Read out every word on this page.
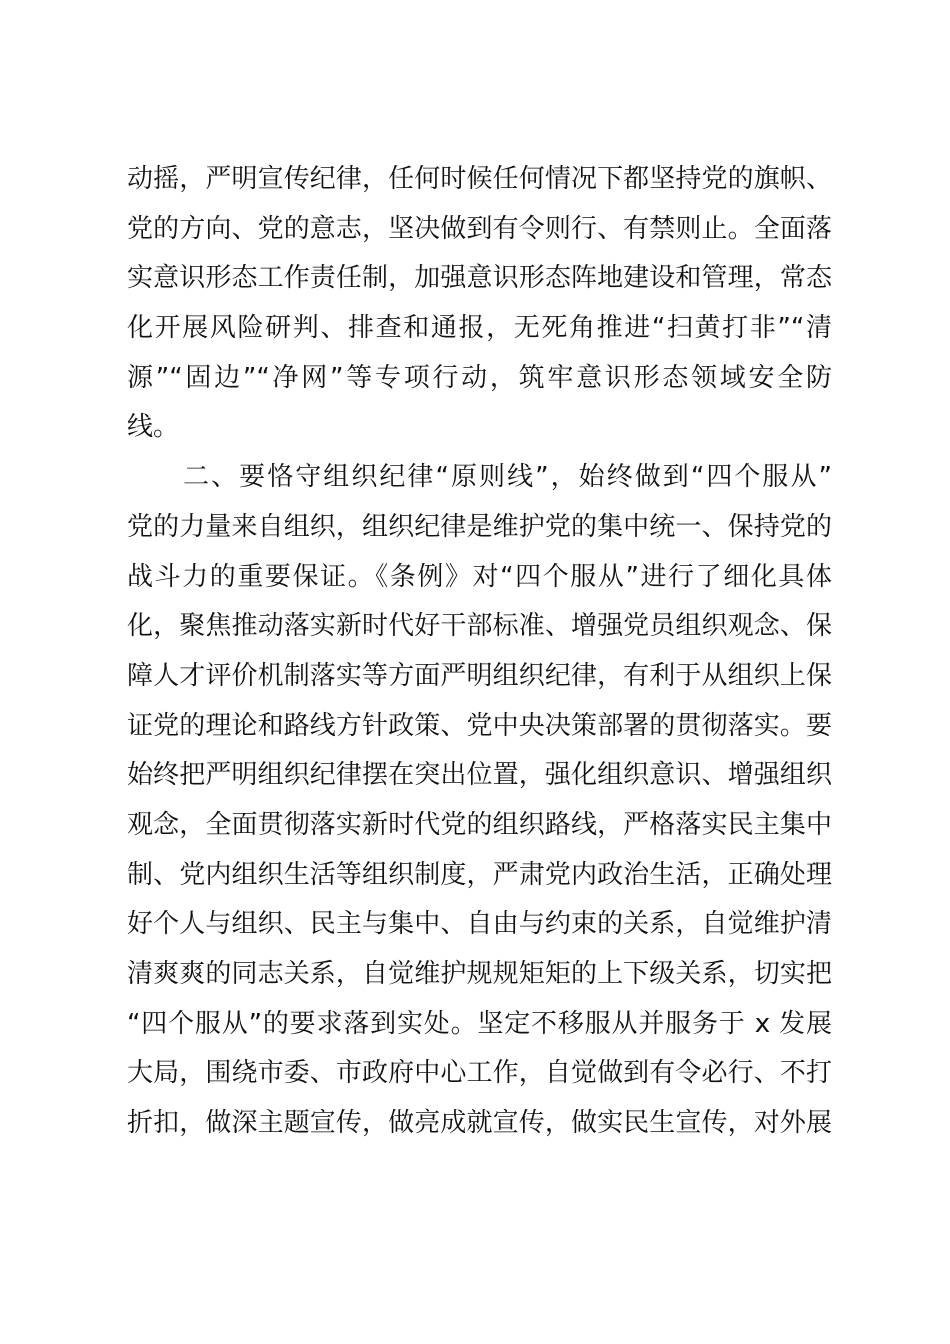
动摇，严明宣传纪律，任何时候任何情况下都坚持党的旗帜、
党的方向、党的意志，坚决做到有令则行、有禁则止。全面落
实意识形态工作责任制，加强意识形态阵地建设和管理，常态
化开展风险研判、排查和通报，无死角推进“扫黄打非”“清
源”“固边”“净网”等专项行动，筑牢意识形态领域安全防
线。
　　二、要恪守组织纪律“原则线”，始终做到“四个服从”
党的力量来自组织，组织纪律是维护党的集中统一、保持党的
战斗力的重要保证。《条例》对“四个服从”进行了细化具体
化，聚焦推动落实新时代好干部标准、增强党员组织观念、保
障人才评价机制落实等方面严明组织纪律，有利于从组织上保
证党的理论和路线方针政策、党中央决策部署的贯彻落实。要
始终把严明组织纪律摆在突出位置，强化组织意识、增强组织
观念，全面贯彻落实新时代党的组织路线，严格落实民主集中
制、党内组织生活等组织制度，严肃党内政治生活，正确处理
好个人与组织、民主与集中、自由与约束的关系，自觉维护清
清爽爽的同志关系，自觉维护规规矩矩的上下级关系，切实把
“四个服从”的要求落到实处。坚定不移服从并服务于 x 发展
大局，围绕市委、市政府中心工作，自觉做到有令必行、不打
折扣，做深主题宣传，做亮成就宣传，做实民生宣传，对外展
